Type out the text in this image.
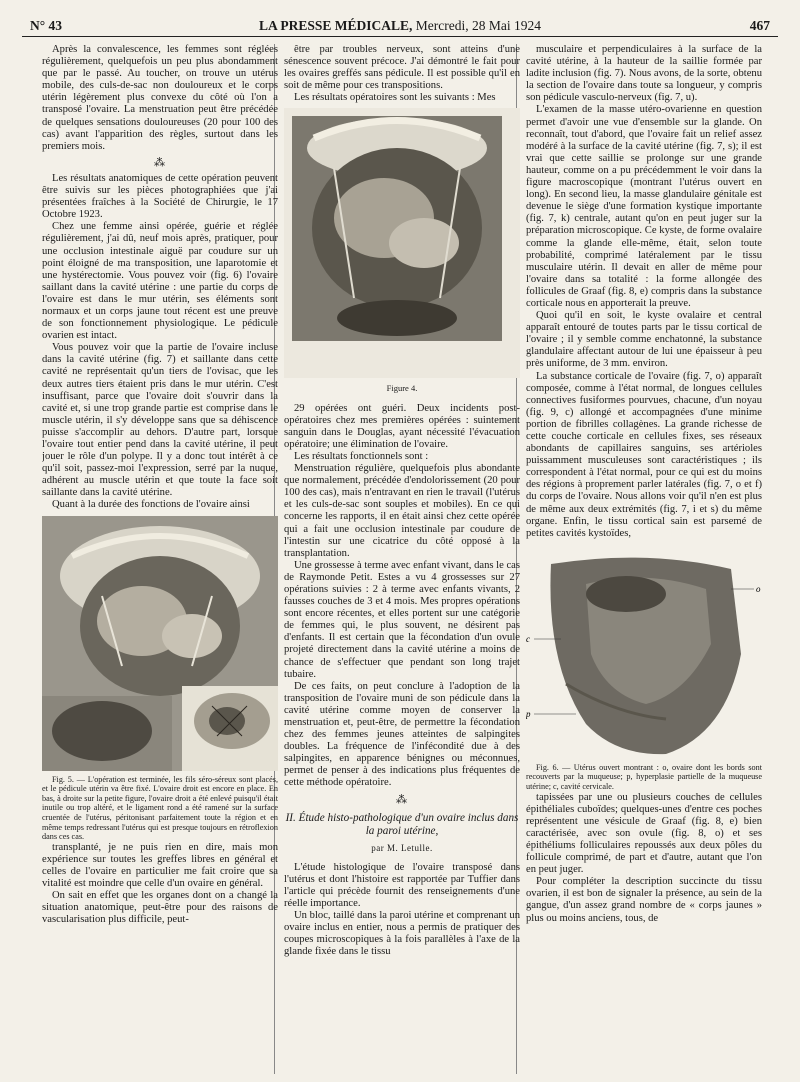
N° 43	LA PRESSE MÉDICALE, Mercredi, 28 Mai 1924	467

Après la convalescence, les femmes sont réglées régulièrement, quelquefois un peu plus abondamment que par le passé. Au toucher, on trouve un utérus mobile, des culs-de-sac non douloureux et le corps utérin légèrement plus convexe du côté où l'on a transposé l'ovaire. La menstruation peut être précédée de quelques sensations douloureuses (20 pour 100 des cas) avant l'apparition des règles, surtout dans les premiers mois.

⁂

Les résultats anatomiques de cette opération peuvent être suivis sur les pièces photographiées que j'ai présentées fraîches à la Société de Chirurgie, le 17 Octobre 1923.

Chez une femme ainsi opérée, guérie et réglée régulièrement, j'ai dû, neuf mois après, pratiquer, pour une occlusion intestinale aiguë par coudure sur un point éloigné de ma transposition, une laparotomie et une hystérectomie. Vous pouvez voir (fig. 6) l'ovaire saillant dans la cavité utérine : une partie du corps de l'ovaire est dans le mur utérin, ses éléments sont normaux et un corps jaune tout récent est une preuve de son fonctionnement physiologique. Le pédicule ovarien est intact.

Vous pouvez voir que la partie de l'ovaire incluse dans la cavité utérine (fig. 7) et saillante dans cette cavité ne représentait qu'un tiers de l'ovisac, que les deux autres tiers étaient pris dans le mur utérin. C'est insuffisant, parce que l'ovaire doit s'ouvrir dans la cavité et, si une trop grande partie est comprise dans le muscle utérin, il s'y développe sans que sa déhiscence puisse s'accomplir au dehors. D'autre part, lorsque l'ovaire tout entier pend dans la cavité utérine, il peut jouer le rôle d'un polype. Il y a donc tout intérêt à ce qu'il soit, passez-moi l'expression, serré par la nuque, adhérent au muscle utérin et que toute la face soit saillante dans la cavité utérine.

Quant à la durée des fonctions de l'ovaire ainsi

Fig. 5. — L'opération est terminée, les fils séro-séreux sont placés, et le pédicule utérin va être fixé. L'ovaire droit est encore en place. En bas, à droite sur la petite figure, l'ovaire droit a été enlevé puisqu'il était inutile ou trop altéré, et le ligament rond a été ramené sur la surface cruentée de l'utérus, péritonisant parfaitement toute la région et en même temps redressant l'utérus qui est presque toujours en rétroflexion dans ces cas.

transplanté, je ne puis rien en dire, mais mon expérience sur toutes les greffes libres en général et celles de l'ovaire en particulier me fait croire que sa vitalité est moindre que celle d'un ovaire en général.

On sait en effet que les organes dont on a changé la situation anatomique, peut-être pour des raisons de vascularisation plus difficile, peut-

être par troubles nerveux, sont atteins d'une sénescence souvent précoce. J'ai démontré le fait pour les ovaires greffés sans pédicule. Il est possible qu'il en soit de même pour ces transpositions.

Les résultats opératoires sont les suivants : Mes

Figure 4.

29 opérées ont guéri. Deux incidents post-opératoires chez mes premières opérées : suintement sanguin dans le Douglas, ayant nécessité l'évacuation opératoire; une élimination de l'ovaire.

Les résultats fonctionnels sont :

Menstruation régulière, quelquefois plus abondante que normalement, précédée d'endolorissement (20 pour 100 des cas), mais n'entravant en rien le travail (l'utérus et les culs-de-sac sont souples et mobiles). En ce qui concerne les rapports, il en était ainsi chez cette opérée qui a fait une occlusion intestinale par coudure de l'intestin sur une cicatrice du côté opposé à la transplantation.

Une grossesse à terme avec enfant vivant, dans le cas de Raymonde Petit. Estes a vu 4 grossesses sur 27 opérations suivies : 2 à terme avec enfants vivants, 2 fausses couches de 3 et 4 mois. Mes propres opérations sont encore récentes, et elles portent sur une catégorie de femmes qui, le plus souvent, ne désirent pas d'enfants. Il est certain que la fécondation d'un ovule projeté directement dans la cavité utérine a moins de chance de s'effectuer que pendant son long trajet tubaire.

De ces faits, on peut conclure à l'adoption de la transposition de l'ovaire muni de son pédicule dans la cavité utérine comme moyen de conserver la menstruation et, peut-être, de permettre la fécondation chez des femmes jeunes atteintes de salpingites doubles. La fréquence de l'infécondité due à des salpingites, en apparence bénignes ou méconnues, permet de penser à des indications plus fréquentes de cette méthode opératoire.

⁂
II. Étude histo-pathologique d'un ovaire inclus dans la paroi utérine,
par M. Letulle.

L'étude histologique de l'ovaire transposé dans l'utérus et dont l'histoire est rapportée par Tuffier dans l'article qui précède fournit des renseignements d'une réelle importance.

Un bloc, taillé dans la paroi utérine et comprenant un ovaire inclus en entier, nous a permis de pratiquer des coupes microscopiques à la fois parallèles à l'axe de la glande fixée dans le tissu

musculaire et perpendiculaires à la surface de la cavité utérine, à la hauteur de la saillie formée par ladite inclusion (fig. 7). Nous avons, de la sorte, obtenu la section de l'ovaire dans toute sa longueur, y compris son pédicule vasculo-nerveux (fig. 7, u).

L'examen de la masse utéro-ovarienne en question permet d'avoir une vue d'ensemble sur la glande. On reconnaît, tout d'abord, que l'ovaire fait un relief assez modéré à la surface de la cavité utérine (fig. 7, s); il est vrai que cette saillie se prolonge sur une grande hauteur, comme on a pu précédemment le voir dans la figure macroscopique (montrant l'utérus ouvert en long). En second lieu, la masse glandulaire génitale est devenue le siège d'une formation kystique importante (fig. 7, k) centrale, autant qu'on en peut juger sur la préparation microscopique. Ce kyste, de forme ovalaire comme la glande elle-même, était, selon toute probabilité, comprimé latéralement par le tissu musculaire utérin. Il devait en aller de même pour l'ovaire dans sa totalité : la forme allongée des follicules de Graaf (fig. 8, e) compris dans la substance corticale nous en apporterait la preuve.

Quoi qu'il en soit, le kyste ovalaire et central apparaît entouré de toutes parts par le tissu cortical de l'ovaire ; il y semble comme enchatonné, la substance glandulaire affectant autour de lui une épaisseur à peu près uniforme, de 3 mm. environ.

La substance corticale de l'ovaire (fig. 7, o) apparaît composée, comme à l'état normal, de longues cellules connectives fusiformes pourvues, chacune, d'un noyau (fig. 9, c) allongé et accompagnées d'une minime portion de fibrilles collagènes. La grande richesse de cette couche corticale en cellules fixes, ses réseaux abondants de capillaires sanguins, ses artérioles puissamment musculeuses sont caractéristiques ; ils correspondent à l'état normal, pour ce qui est du moins des régions à proprement parler latérales (fig. 7, o et f) du corps de l'ovaire. Nous allons voir qu'il n'en est plus de même aux deux extrémités (fig. 7, i et s) du même organe. Enfin, le tissu cortical sain est parsemé de petites cavités kystoïdes,

o
c
p

Fig. 6. — Utérus ouvert montrant : o, ovaire dont les bords sont recouverts par la muqueuse; p, hyperplasie partielle de la muqueuse utérine; c, cavité cervicale.

tapissées par une ou plusieurs couches de cellules épithéliales cuboïdes; quelques-unes d'entre ces poches représentent une vésicule de Graaf (fig. 8, e) bien caractérisée, avec son ovule (fig. 8, o) et ses épithéliums folliculaires repoussés aux deux pôles du follicule comprimé, de part et d'autre, autant que l'on en peut juger.

Pour compléter la description succincte du tissu ovarien, il est bon de signaler la présence, au sein de la gangue, d'un assez grand nombre de « corps jaunes » plus ou moins anciens, tous, de
